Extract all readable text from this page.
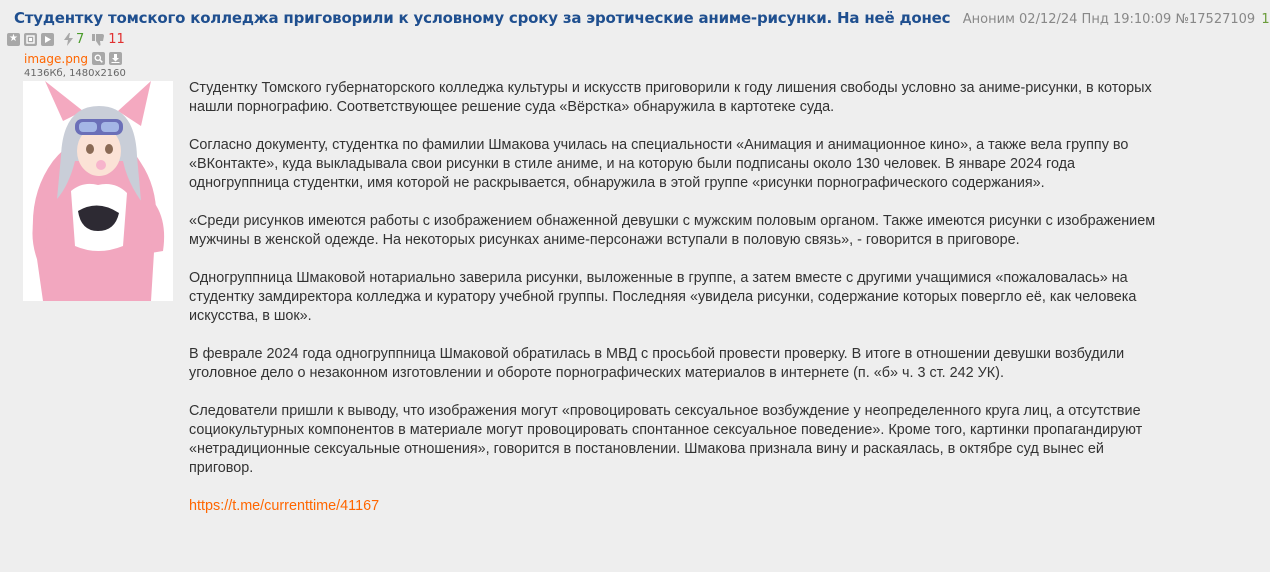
Студентку томского колледжа приговорили к условному сроку за эротические аниме-рисунки. На неё донес Аноним 02/12/24 Пнд 19:10:09 №17527109 1
★	7 11
image.png
4136Кб, 1480x2160

Студентку Томского губернаторского колледжа культуры и искусств приговорили к году лишения свободы условно за аниме-рисунки, в которых нашли порнографию. Соответствующее решение суда «Вёрстка» обнаружила в картотеке суда.

Согласно документу, студентка по фамилии Шмакова училась на специальности «Анимация и анимационное кино», а также вела группу во «ВКонтакте», куда выкладывала свои рисунки в стиле аниме, и на которую были подписаны около 130 человек. В январе 2024 года одногруппница студентки, имя которой не раскрывается, обнаружила в этой группе «рисунки порнографического содержания».

«Среди рисунков имеются работы с изображением обнаженной девушки с мужским половым органом. Также имеются рисунки с изображением мужчины в женской одежде. На некоторых рисунках аниме-персонажи вступали в половую связь», - говорится в приговоре.

Одногруппница Шмаковой нотариально заверила рисунки, выложенные в группе, а затем вместе с другими учащимися «пожаловалась» на студентку замдиректора колледжа и куратору учебной группы. Последняя «увидела рисунки, содержание которых повергло её, как человека искусства, в шок».

В феврале 2024 года одногруппница Шмаковой обратилась в МВД с просьбой провести проверку. В итоге в отношении девушки возбудили уголовное дело о незаконном изготовлении и обороте порнографических материалов в интернете (п. «б» ч. 3 ст. 242 УК).

Следователи пришли к выводу, что изображения могут «провоцировать сексуальное возбуждение у неопределенного круга лиц, а отсутствие социокультурных компонентов в материале могут провоцировать спонтанное сексуальное поведение». Кроме того, картинки пропагандируют «нетрадиционные сексуальные отношения», говорится в постановлении. Шмакова признала вину и раскаялась, в октябре суд вынес ей приговор.

https://t.me/currenttime/41167
